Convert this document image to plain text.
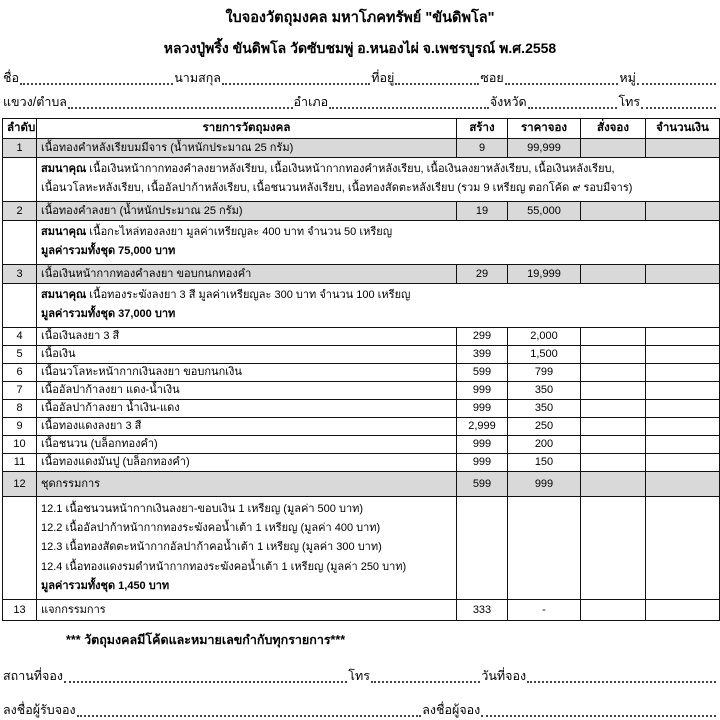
ใบจองวัตถุมงคล มหาโภคทรัพย์ "ขันดิพโล"
หลวงปู่พริ้ง ขันดิพโล วัดซับชมพู่ อ.หนองไผ่ จ.เพชรบูรณ์ พ.ศ.2558
ชื่อ	นามสกุล	ที่อยู่	ซอย	หมู่
แขวง/ตำบล	อำเภอ	จังหวัด	โทร
ลำดับ	รายการวัตถุมงคล	สร้าง	ราคาจอง	สั่งจอง	จำนวนเงิน
1	เนื้อทองคำหลังเรียบมมีจาร (น้ำหนักประมาณ 25 กรัม)	9	99,999		

	สมนาคุณ เนื้อเงินหน้ากากทองคำลงยาหลังเรียบ, เนื้อเงินหน้ากากทองคำหลังเรียบ, เนื้อเงินลงยาหลังเรียบ, เนื้อเงินหลังเรียบ,
เนื้อนวโลหะหลังเรียบ, เนื้ออัลปาก้าหลังเรียบ, เนื้อชนวนหลังเรียบ, เนื้อทองสัดตะหลังเรียบ (รวม 9 เหรียญ ตอกโค้ด ๙ รอบมีจาร)				

2	เนื้อทองคำลงยา (น้ำหนักประมาณ 25 กรัม)	19	55,000		

	สมนาคุณ เนื้อกะไหล่ทองลงยา มูลค่าเหรียญละ 400 บาท จำนวน 50 เหรียญ
มูลค่ารวมทั้งชุด 75,000 บาท				

3	เนื้อเงินหน้ากากทองคำลงยา ขอบกนกทองคำ	29	19,999		

	สมนาคุณ เนื้อทองระฆังลงยา 3 สี มูลค่าเหรียญละ 300 บาท จำนวน 100 เหรียญ
มูลค่ารวมทั้งชุด 37,000 บาท				

4	เนื้อเงินลงยา 3 สี	299	2,000		
5	เนื้อเงิน	399	1,500		
6	เนื้อนวโลหะหน้ากากเงินลงยา ขอบกนกเงิน	599	799		
7	เนื้ออัลปาก้าลงยา แดง-น้ำเงิน	999	350		
8	เนื้ออัลปาก้าลงยา น้ำเงิน-แดง	999	350		
9	เนื้อทองแดงลงยา 3 สี	2,999	250		
10	เนื้อชนวน (บล็อกทองคำ)	999	200		
11	เนื้อทองแดงมันปู (บล็อกทองคำ)	999	150		
12	ชุดกรรมการ	599	999		

	12.1 เนื้อชนวนหน้ากากเงินลงยา-ขอบเงิน 1 เหรียญ (มูลค่า 500 บาท)
12.2 เนื้ออัลปาก้าหน้ากากทองระฆังคอน้ำเต้า 1 เหรียญ (มูลค่า 400 บาท)
12.3 เนื้อทองสัดตะหน้ากากอัลปาก้าคอน้ำเต้า 1 เหรียญ (มูลค่า 300 บาท)
12.4 เนื้อทองแดงรมดำหน้ากากทองระฆังคอน้ำเต้า 1 เหรียญ (มูลค่า 250 บาท)
มูลค่ารวมทั้งชุด 1,450 บาท				

13	แจกกรรมการ	333	-		
*** วัตถุมงคลมีโค้ดและหมายเลขกำกับทุกรายการ***
สถานที่จอง	โทร	วันที่จอง
ลงชื่อผู้รับจอง	ลงชื่อผู้จอง
